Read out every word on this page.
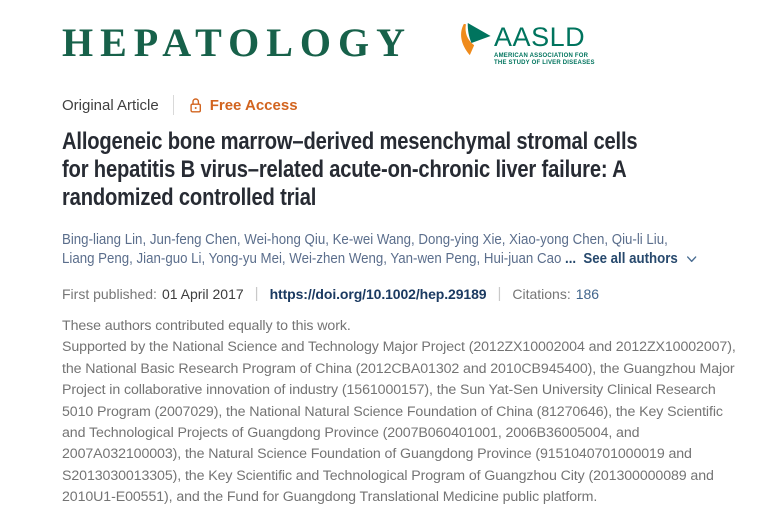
HEPATOLOGY	AASLD
AMERICAN ASSOCIATION FOR
THE STUDY OF LIVER DISEASES
Original Article	Free Access
Allogeneic bone marrow–derived mesenchymal stromal cells
for hepatitis B virus–related acute-on-chronic liver failure: A
randomized controlled trial
Bing-liang Lin, Jun-feng Chen, Wei-hong Qiu, Ke-wei Wang, Dong-ying Xie, Xiao-yong Chen, Qiu-li Liu,
Liang Peng, Jian-guo Li, Yong-yu Mei, Wei-zhen Weng, Yan-wen Peng, Hui-juan Cao ... See all authors
First published: 01 April 2017 | https://doi.org/10.1002/hep.29189 | Citations: 186

These authors contributed equally to this work.

Supported by the National Science and Technology Major Project (2012ZX10002004 and 2012ZX10002007), the National Basic Research Program of China (2012CBA01302 and 2010CB945400), the Guangzhou Major Project in collaborative innovation of industry (1561000157), the Sun Yat-Sen University Clinical Research 5010 Program (2007029), the National Natural Science Foundation of China (81270646), the Key Scientific and Technological Projects of Guangdong Province (2007B060401001, 2006B36005004, and 2007A032100003), the Natural Science Foundation of Guangdong Province (9151040701000019 and S2013030013305), the Key Scientific and Technological Program of Guangzhou City (201300000089 and 2010U1-E00551), and the Fund for Guangdong Translational Medicine public platform.
